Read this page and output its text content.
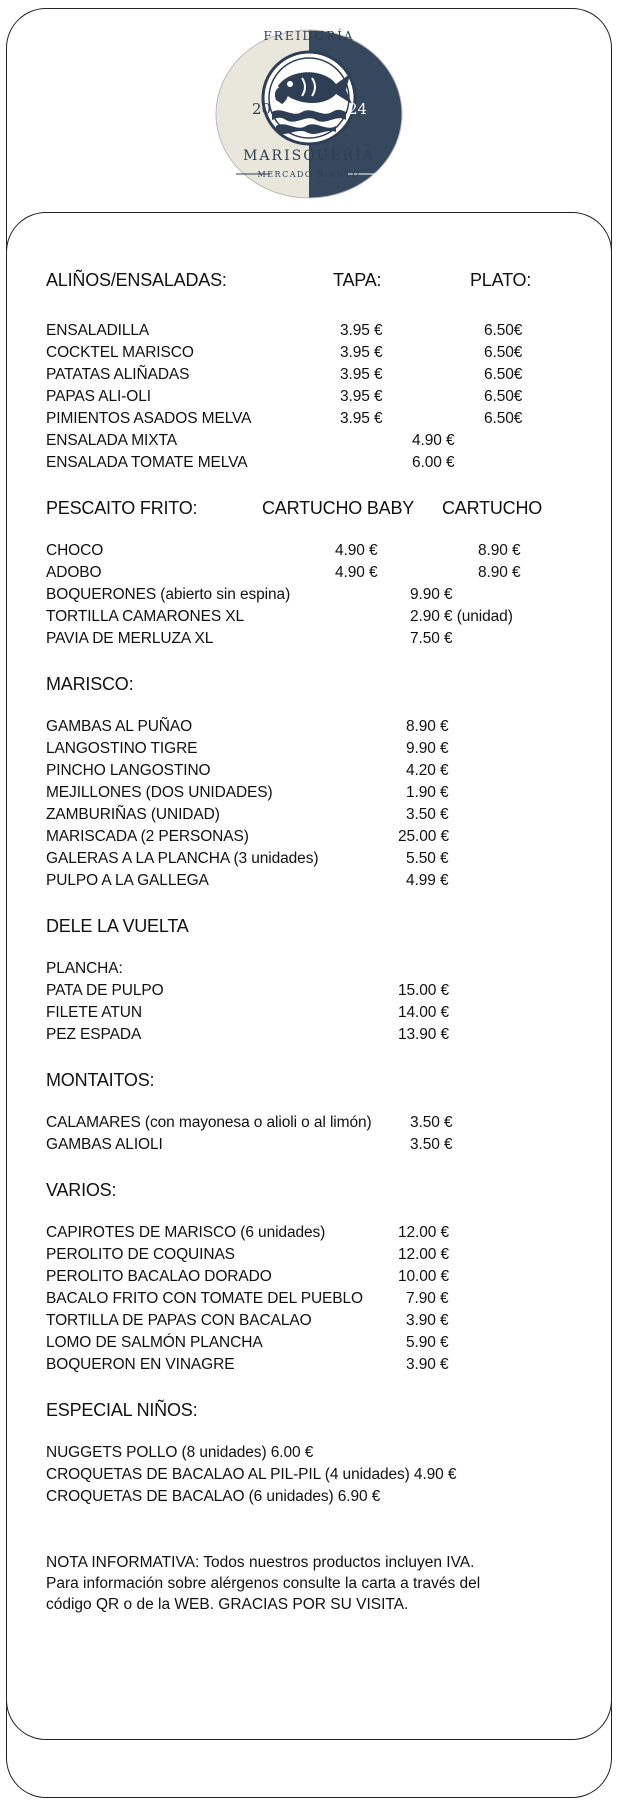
20	24
FREIDURÍA
MARISQUERÍA
MERCADO BIANCO
ALIÑOS/ENSALADAS:	TAPA:	PLATO:
ENSALADILLA	3.95 €	6.50€
COCKTEL MARISCO	3.95 €	6.50€
PATATAS ALIÑADAS	3.95 €	6.50€
PAPAS ALI-OLI	3.95 €	6.50€
PIMIENTOS ASADOS MELVA	3.95 €	6.50€
ENSALADA MIXTA	4.90 €
ENSALADA TOMATE MELVA	6.00 €
PESCAITO FRITO:	CARTUCHO BABY CARTUCHO
CHOCO	4.90 €	8.90 €
ADOBO	4.90 €	8.90 €
BOQUERONES (abierto sin espina)	9.90 €
TORTILLA CAMARONES XL	2.90 € (unidad)
PAVIA DE MERLUZA XL	7.50 €
MARISCO:
GAMBAS AL PUÑAO	8.90 €
LANGOSTINO TIGRE	9.90 €
PINCHO LANGOSTINO	4.20 €
MEJILLONES (DOS UNIDADES)	1.90 €
ZAMBURIÑAS (UNIDAD)	3.50 €
MARISCADA (2 PERSONAS)	25.00 €
GALERAS A LA PLANCHA (3 unidades)	5.50 €
PULPO A LA GALLEGA	4.99 €
DELE LA VUELTA
PLANCHA:
PATA DE PULPO	15.00 €
FILETE ATUN	14.00 €
PEZ ESPADA	13.90 €
MONTAITOS:
CALAMARES (con mayonesa o alioli o al limón) 3.50 €
GAMBAS ALIOLI	3.50 €
VARIOS:
CAPIROTES DE MARISCO (6 unidades)	12.00 €
PEROLITO DE COQUINAS	12.00 €
PEROLITO BACALAO DORADO	10.00 €
BACALO FRITO CON TOMATE DEL PUEBLO	7.90 €
TORTILLA DE PAPAS CON BACALAO	3.90 €
LOMO DE SALMÓN PLANCHA	5.90 €
BOQUERON EN VINAGRE	3.90 €
ESPECIAL NIÑOS:
NUGGETS POLLO (8 unidades) 6.00 €
CROQUETAS DE BACALAO AL PIL-PIL (4 unidades) 4.90 €
CROQUETAS DE BACALAO (6 unidades) 6.90 €
NOTA INFORMATIVA: Todos nuestros productos incluyen IVA.
Para información sobre alérgenos consulte la carta a través del
código QR o de la WEB. GRACIAS POR SU VISITA.
